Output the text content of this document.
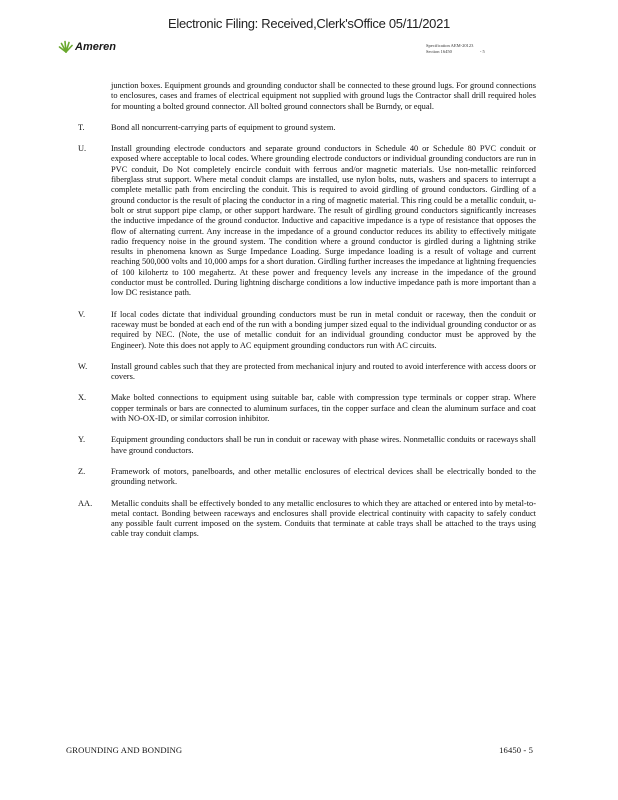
Electronic Filing: Received,Clerk'sOffice 05/11/2021
Ameren	Specification AEM-20123
Section 16450	- 5
junction boxes. Equipment grounds and grounding conductor shall be connected to these ground lugs. For ground connections to enclosures, cases and frames of electrical equipment not supplied with ground lugs the Contractor shall drill required holes for mounting a bolted ground connector. All bolted ground connectors shall be Burndy, or equal.
T.	Bond all noncurrent-carrying parts of equipment to ground system.
U.	Install grounding electrode conductors and separate ground conductors in Schedule 40 or Schedule 80 PVC conduit or exposed where acceptable to local codes. Where grounding electrode conductors or individual grounding conductors are run in PVC conduit, Do Not completely encircle conduit with ferrous and/or magnetic materials. Use non-metallic reinforced fiberglass strut support. Where metal conduit clamps are installed, use nylon bolts, nuts, washers and spacers to interrupt a complete metallic path from encircling the conduit. This is required to avoid girdling of ground conductors. Girdling of a ground conductor is the result of placing the conductor in a ring of magnetic material. This ring could be a metallic conduit, u-bolt or strut support pipe clamp, or other support hardware. The result of girdling ground conductors significantly increases the inductive impedance of the ground conductor. Inductive and capacitive impedance is a type of resistance that opposes the flow of alternating current. Any increase in the impedance of a ground conductor reduces its ability to effectively mitigate radio frequency noise in the ground system. The condition where a ground conductor is girdled during a lightning strike results in phenomena known as Surge Impedance Loading. Surge impedance loading is a result of voltage and current reaching 500,000 volts and 10,000 amps for a short duration. Girdling further increases the impedance at lightning frequencies of 100 kilohertz to 100 megahertz. At these power and frequency levels any increase in the impedance of the ground conductor must be controlled. During lightning discharge conditions a low inductive impedance path is more important than a low DC resistance path.
V.	If local codes dictate that individual grounding conductors must be run in metal conduit or raceway, then the conduit or raceway must be bonded at each end of the run with a bonding jumper sized equal to the individual grounding conductor or as required by NEC. (Note, the use of metallic conduit for an individual grounding conductor must be approved by the Engineer). Note this does not apply to AC equipment grounding conductors run with AC circuits.
W.	Install ground cables such that they are protected from mechanical injury and routed to avoid interference with access doors or covers.
X.	Make bolted connections to equipment using suitable bar, cable with compression type terminals or copper strap. Where copper terminals or bars are connected to aluminum surfaces, tin the copper surface and clean the aluminum surface and coat with NO-OX-ID, or similar corrosion inhibitor.
Y.	Equipment grounding conductors shall be run in conduit or raceway with phase wires. Nonmetallic conduits or raceways shall have ground conductors.
Z.	Framework of motors, panelboards, and other metallic enclosures of electrical devices shall be electrically bonded to the grounding network.
AA.	Metallic conduits shall be effectively bonded to any metallic enclosures to which they are attached or entered into by metal-to-metal contact. Bonding between raceways and enclosures shall provide electrical continuity with capacity to safely conduct any possible fault current imposed on the system. Conduits that terminate at cable trays shall be attached to the trays using cable tray conduit clamps.
GROUNDING AND BONDING	16450 - 5
